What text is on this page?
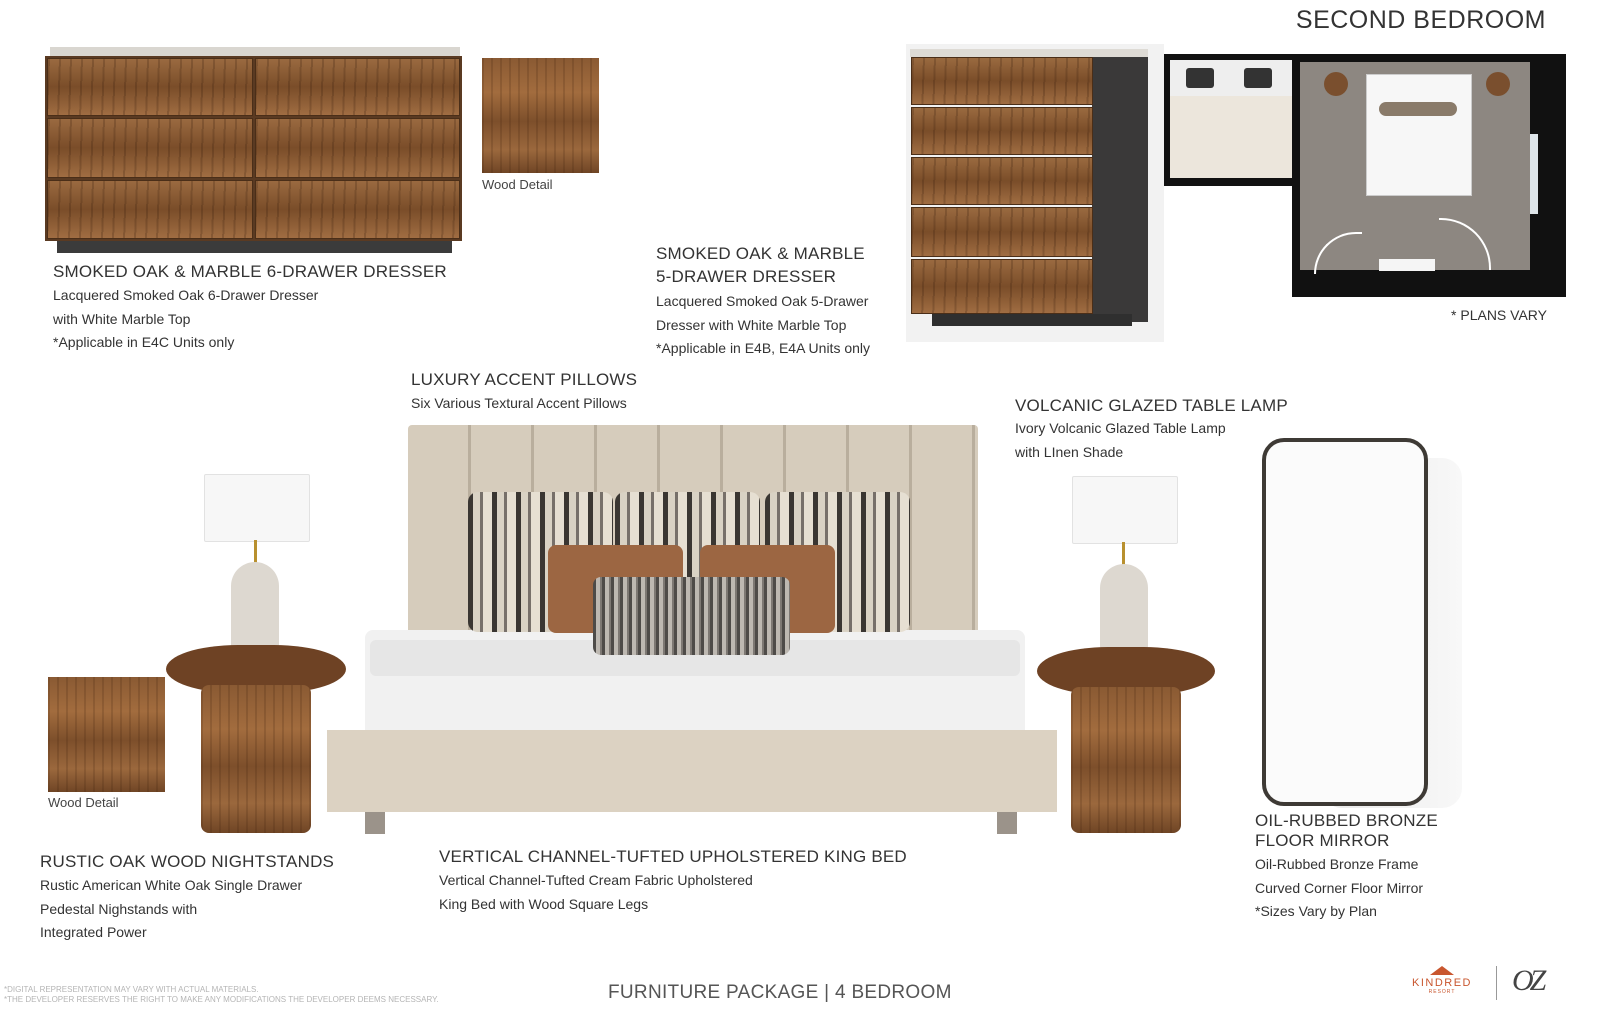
SECOND BEDROOM
Wood Detail
SMOKED OAK & MARBLE 6-DRAWER DRESSER
Lacquered Smoked Oak 6-Drawer Dresser
with White Marble Top
*Applicable in E4C Units only
SMOKED OAK & MARBLE
5-DRAWER DRESSER
Lacquered Smoked Oak 5-Drawer
Dresser with White Marble Top
*Applicable in E4B, E4A Units only
* PLANS VARY
LUXURY ACCENT PILLOWS
Six Various Textural Accent Pillows	VOLCANIC GLAZED TABLE LAMP
Ivory Volcanic Glazed Table Lamp
with LInen Shade
Wood Detail
RUSTIC OAK WOOD NIGHTSTANDS
Rustic American White Oak Single Drawer
Pedestal Nighstands with
Integrated Power
VERTICAL CHANNEL-TUFTED UPHOLSTERED KING BED
Vertical Channel-Tufted Cream Fabric Upholstered
King Bed with Wood Square Legs
OIL-RUBBED BRONZE
FLOOR MIRROR
Oil-Rubbed Bronze Frame
Curved Corner Floor Mirror
*Sizes Vary by Plan
*DIGITAL REPRESENTATION MAY VARY WITH ACTUAL MATERIALS.
*THE DEVELOPER RESERVES THE RIGHT TO MAKE ANY MODIFICATIONS THE DEVELOPER DEEMS NECESSARY.	FURNITURE PACKAGE | 4 BEDROOM	KINDRED
RESORT	OZ
